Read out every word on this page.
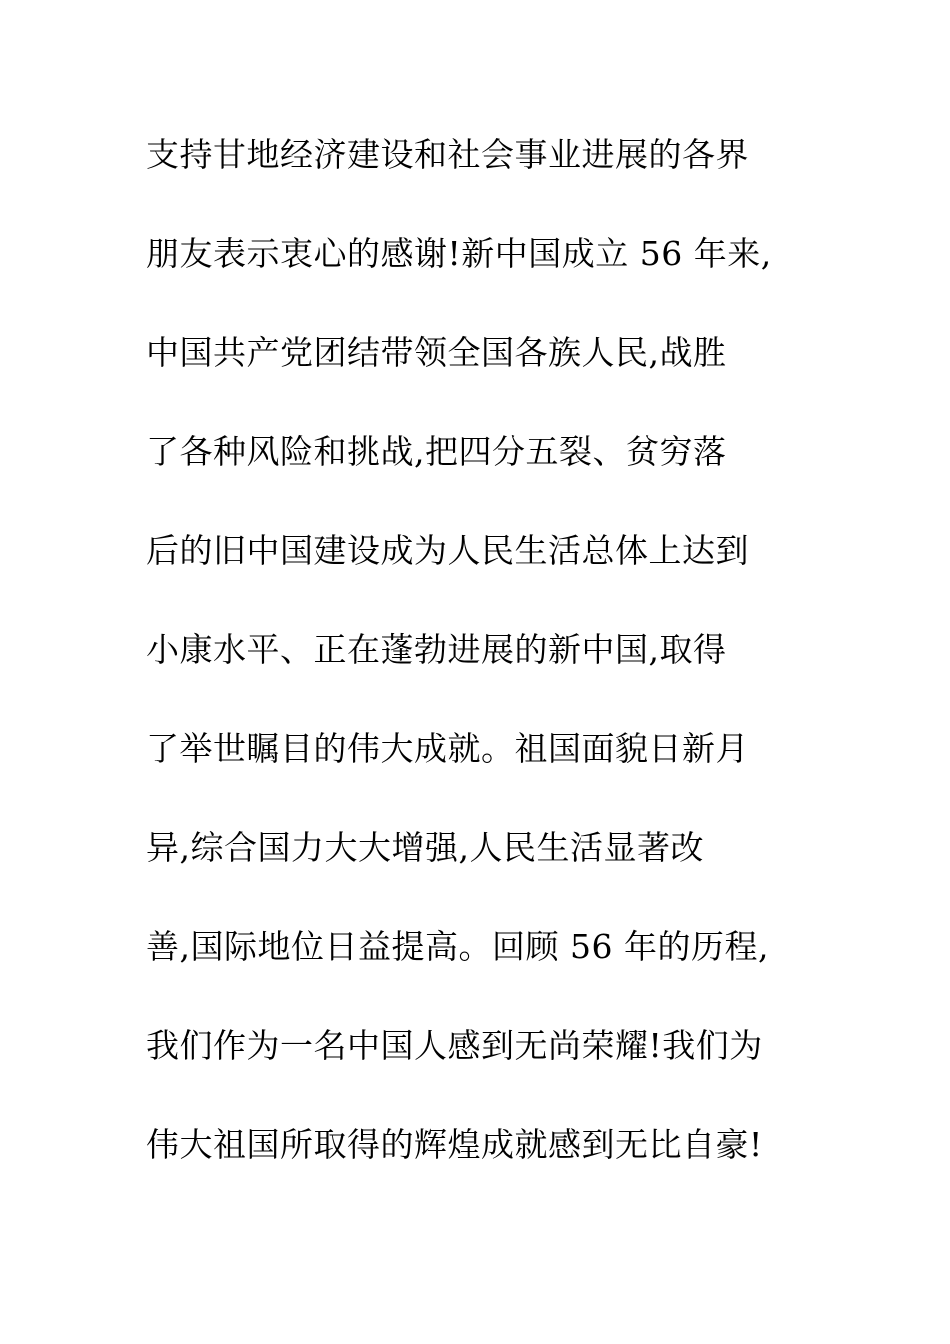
支持甘地经济建设和社会事业进展的各界
朋友表示衷心的感谢!新中国成立 56 年来,
中国共产党团结带领全国各族人民,战胜
了各种风险和挑战,把四分五裂、贫穷落
后的旧中国建设成为人民生活总体上达到
小康水平、正在蓬勃进展的新中国,取得
了举世瞩目的伟大成就。祖国面貌日新月
异,综合国力大大增强,人民生活显著改
善,国际地位日益提高。回顾 56 年的历程,
我们作为一名中国人感到无尚荣耀!我们为
伟大祖国所取得的辉煌成就感到无比自豪!
